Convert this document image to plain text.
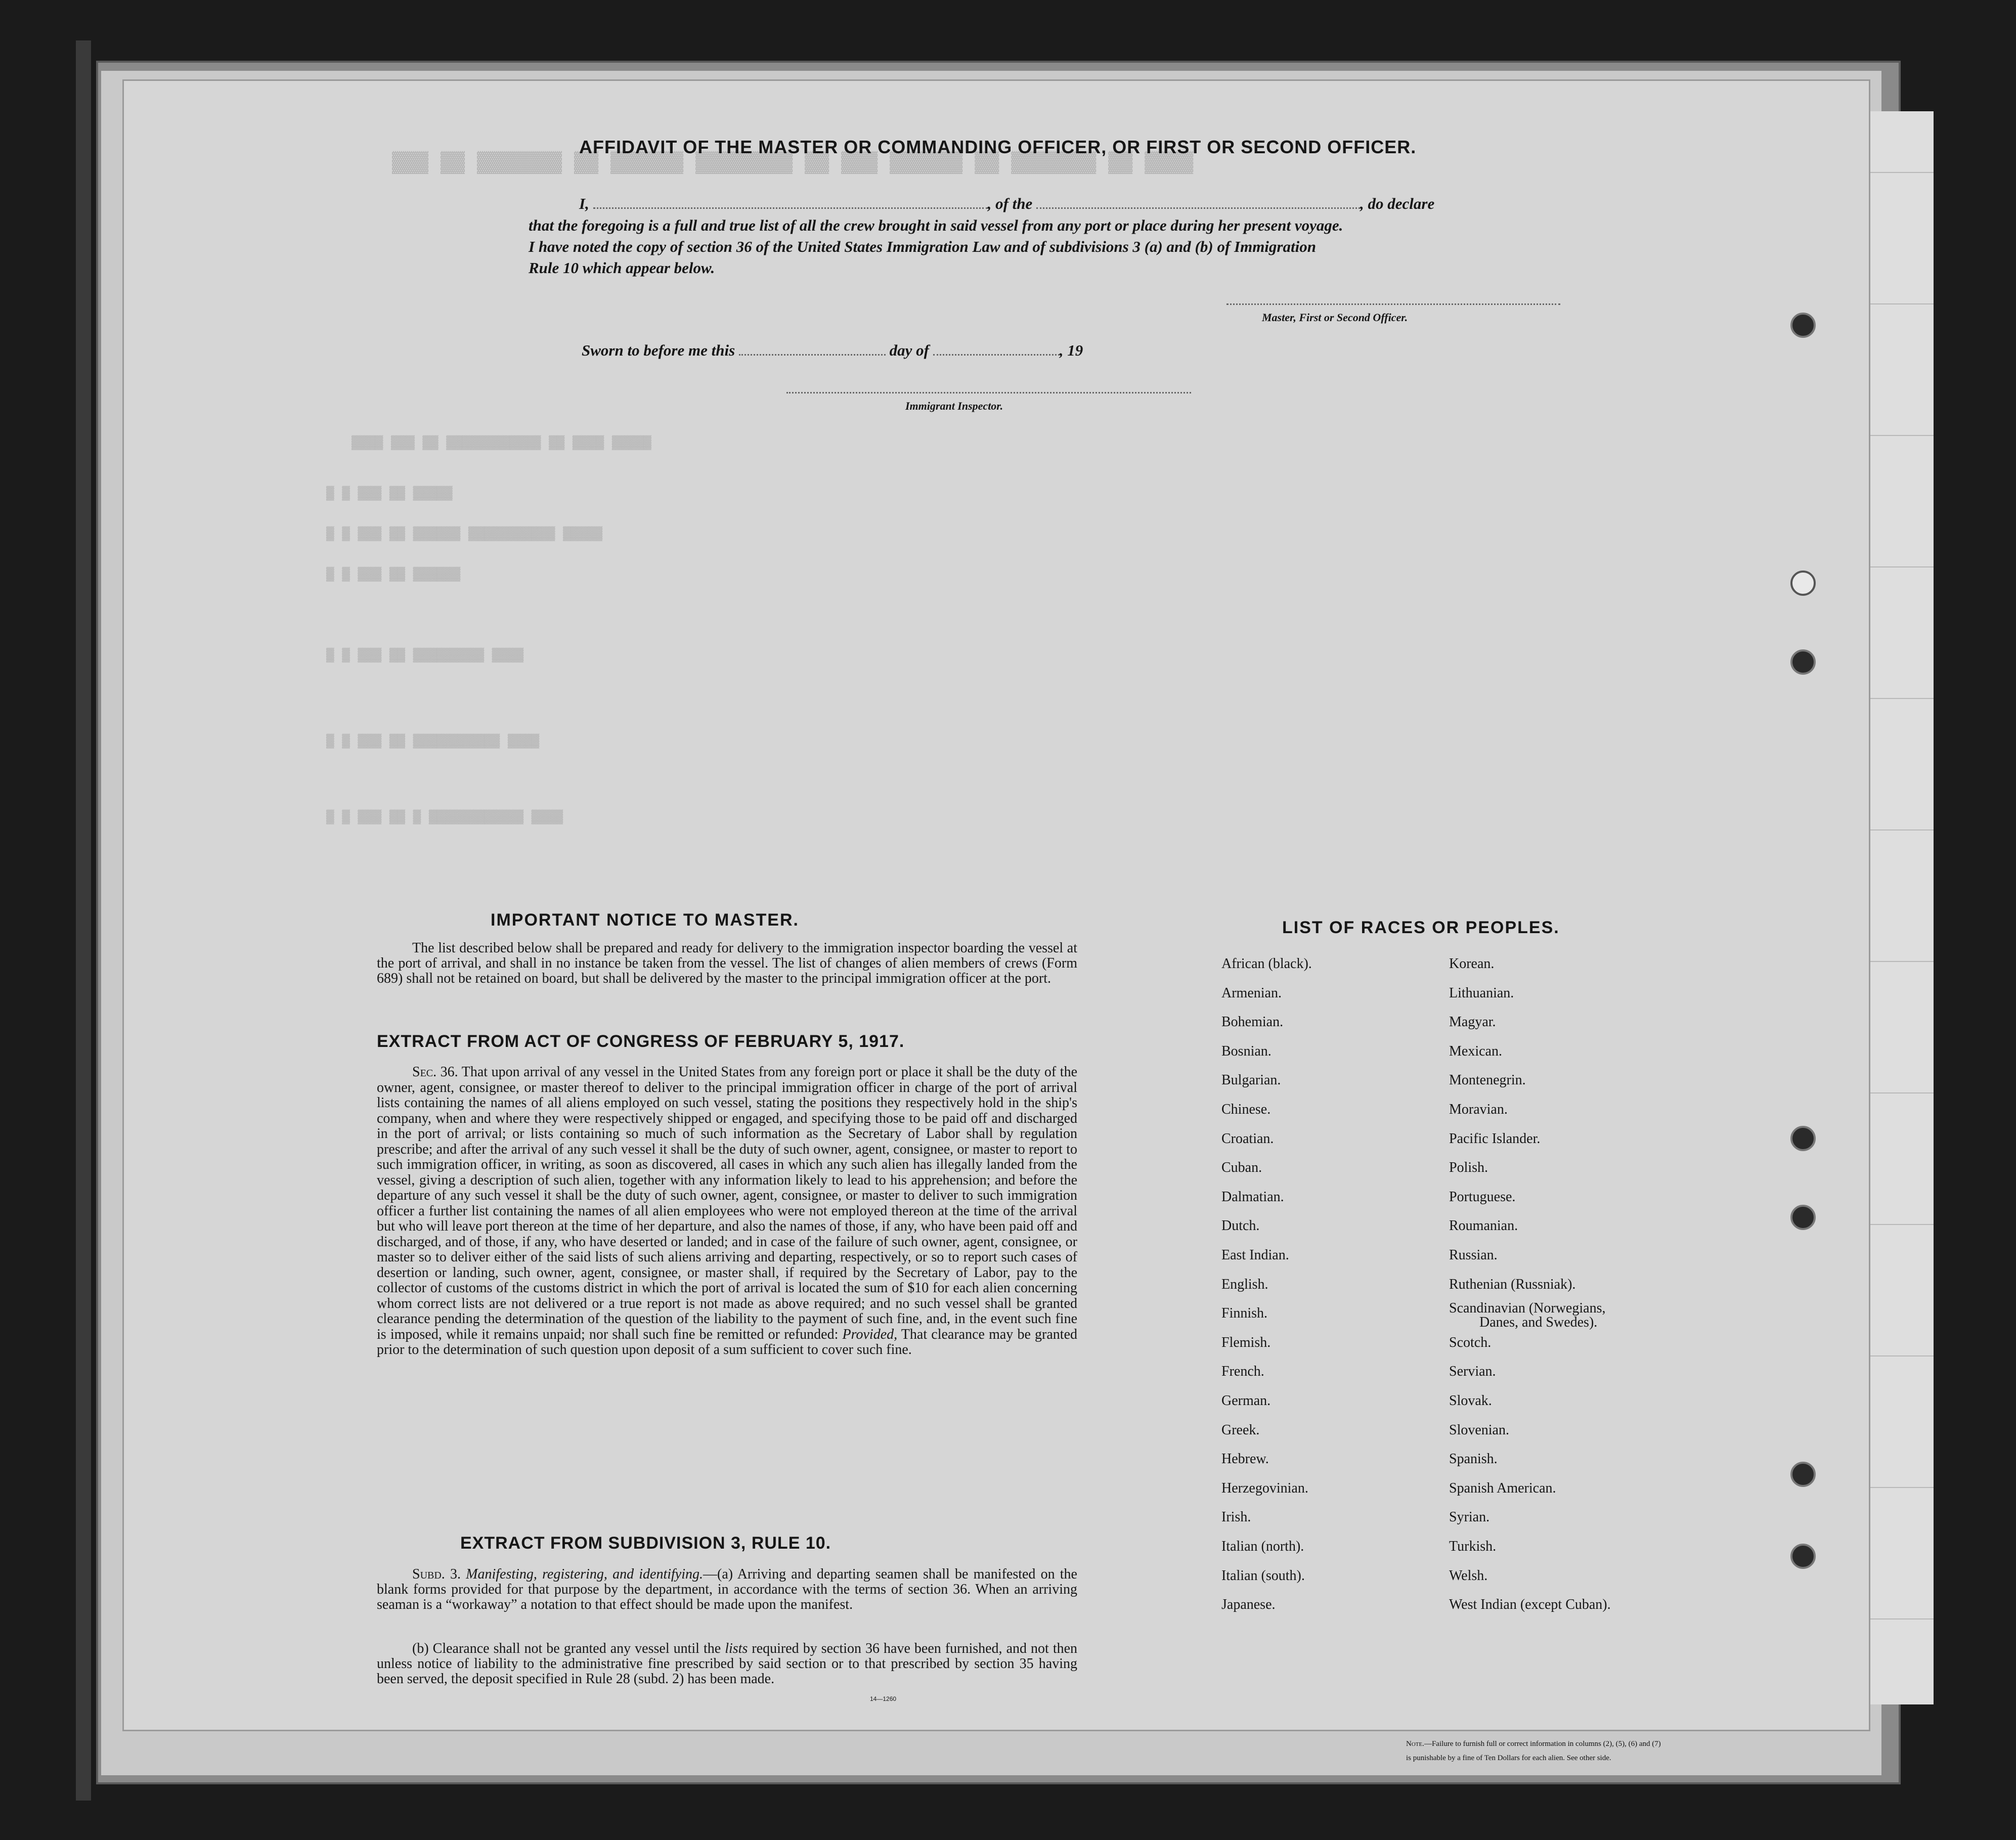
▓▓▓ ▓▓ ▓▓▓▓▓▓▓ ▓▓ ▓▓▓▓▓▓ ▓▓▓▓▓▓▓▓ ▓▓ ▓▓▓ ▓▓▓▓▓▓ ▓▓ ▓▓▓▓▓▓▓ ▓▓ ▓▓▓▓
▓▓▓▓ ▓▓▓ ▓▓ ▓▓▓▓▓▓▓▓▓▓▓▓ ▓▓ ▓▓▓▓ ▓▓▓▓▓
▓ ▓ ▓▓▓ ▓▓ ▓▓▓▓▓
▓ ▓ ▓▓▓ ▓▓ ▓▓▓▓▓▓ ▓▓▓▓▓▓▓▓▓▓▓ ▓▓▓▓▓
▓ ▓ ▓▓▓ ▓▓ ▓▓▓▓▓▓
▓ ▓ ▓▓▓ ▓▓ ▓▓▓▓▓▓▓▓▓ ▓▓▓▓
▓ ▓ ▓▓▓ ▓▓ ▓▓▓▓▓▓▓▓▓▓▓ ▓▓▓▓
▓ ▓ ▓▓▓ ▓▓ ▓ ▓▓▓▓▓▓▓▓▓▓▓▓ ▓▓▓▓
AFFIDAVIT OF THE MASTER OR COMMANDING OFFICER, OR FIRST OR SECOND OFFICER.
I,	, of the	, do declare
that the foregoing is a full and true list of all the crew brought in said vessel from any port or place during her present voyage.
I have noted the copy of section 36 of the United States Immigration Law and of subdivisions 3 (a) and (b) of Immigration
Rule 10 which appear below.
Master, First or Second Officer.
Sworn to before me this	day of	, 19
Immigrant Inspector.
IMPORTANT NOTICE TO MASTER.
The list described below shall be prepared and ready for delivery to the immigration inspector boarding the vessel at the port of arrival, and shall in no instance be taken from the vessel. The list of changes of alien members of crews (Form 689) shall not be retained on board, but shall be delivered by the master to the principal immigration officer at the port.
EXTRACT FROM ACT OF CONGRESS OF FEBRUARY 5, 1917.
Sec. 36. That upon arrival of any vessel in the United States from any foreign port or place it shall be the duty of the owner, agent, consignee, or master thereof to deliver to the principal immigration officer in charge of the port of arrival lists containing the names of all aliens employed on such vessel, stating the positions they respectively hold in the ship's company, when and where they were respectively shipped or engaged, and specifying those to be paid off and discharged in the port of arrival; or lists containing so much of such information as the Secretary of Labor shall by regulation prescribe; and after the arrival of any such vessel it shall be the duty of such owner, agent, consignee, or master to report to such immigration officer, in writing, as soon as discovered, all cases in which any such alien has illegally landed from the vessel, giving a description of such alien, together with any information likely to lead to his apprehension; and before the departure of any such vessel it shall be the duty of such owner, agent, consignee, or master to deliver to such immigration officer a further list containing the names of all alien employees who were not employed thereon at the time of the arrival but who will leave port thereon at the time of her departure, and also the names of those, if any, who have been paid off and discharged, and of those, if any, who have deserted or landed; and in case of the failure of such owner, agent, consignee, or master so to deliver either of the said lists of such aliens arriving and departing, respectively, or so to report such cases of desertion or landing, such owner, agent, consignee, or master shall, if required by the Secretary of Labor, pay to the collector of customs of the customs district in which the port of arrival is located the sum of $10 for each alien concerning whom correct lists are not delivered or a true report is not made as above required; and no such vessel shall be granted clearance pending the determination of the question of the liability to the payment of such fine, and, in the event such fine is imposed, while it remains unpaid; nor shall such fine be remitted or refunded: Provided, That clearance may be granted prior to the determination of such question upon deposit of a sum sufficient to cover such fine.
EXTRACT FROM SUBDIVISION 3, RULE 10.
Subd. 3. Manifesting, registering, and identifying.—(a) Arriving and departing seamen shall be manifested on the blank forms provided for that purpose by the department, in accordance with the terms of section 36. When an arriving seaman is a “workaway” a notation to that effect should be made upon the manifest.
(b) Clearance shall not be granted any vessel until the lists required by section 36 have been furnished, and not then unless notice of liability to the administrative fine prescribed by said section or to that prescribed by section 35 having been served, the deposit specified in Rule 28 (subd. 2) has been made.
14—1260
LIST OF RACES OR PEOPLES.
African (black).
Armenian.
Bohemian.
Bosnian.
Bulgarian.
Chinese.
Croatian.
Cuban.
Dalmatian.
Dutch.
East Indian.
English.
Finnish.
Flemish.
French.
German.
Greek.
Hebrew.
Herzegovinian.
Irish.
Italian (north).
Italian (south).
Japanese.
Korean.
Lithuanian.
Magyar.
Mexican.
Montenegrin.
Moravian.
Pacific Islander.
Polish.
Portuguese.
Roumanian.
Russian.
Ruthenian (Russniak).
Scandinavian (Norwegians,
Danes, and Swedes).
Scotch.
Servian.
Slovak.
Slovenian.
Spanish.
Spanish American.
Syrian.
Turkish.
Welsh.
West Indian (except Cuban).
Note.—Failure to furnish full or correct information in columns (2), (5), (6) and (7)
is punishable by a fine of Ten Dollars for each alien. See other side.
